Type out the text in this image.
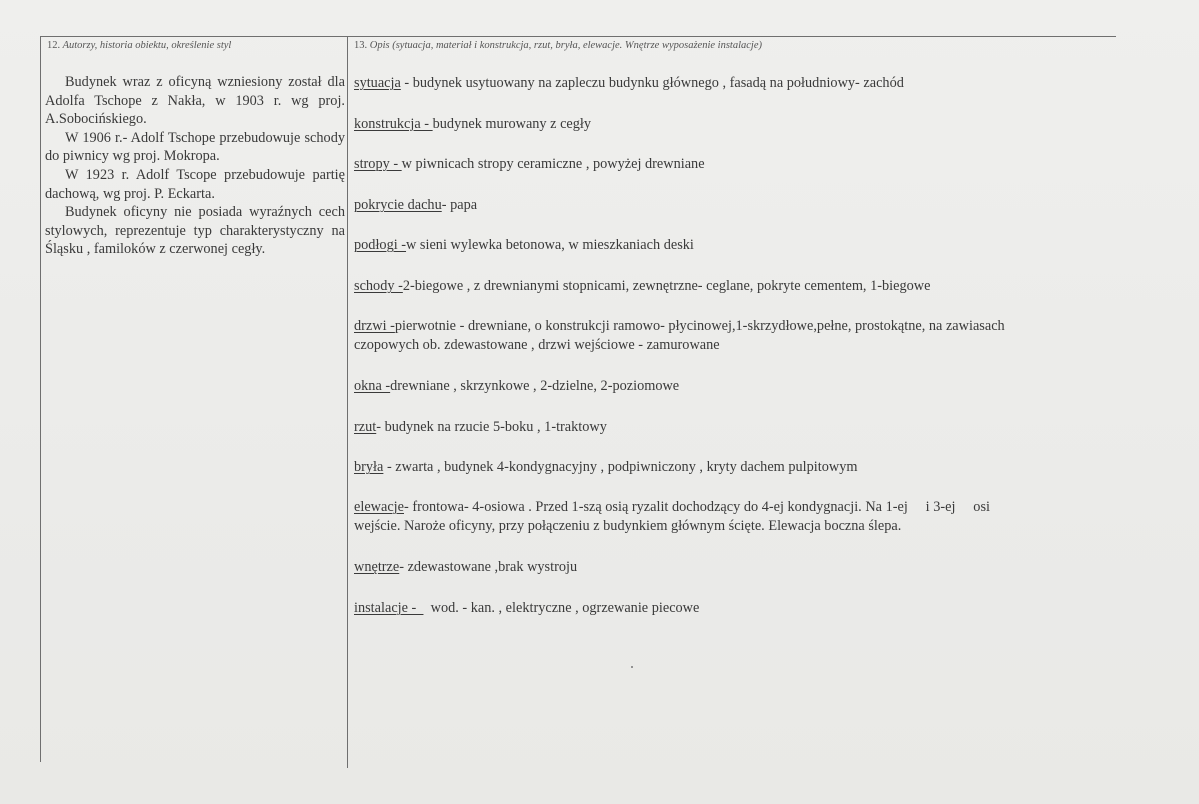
12. Autorzy, historia obiektu, określenie styl	13. Opis (sytuacja, materiał i konstrukcja, rzut, bryła, elewacje. Wnętrze wyposażenie instalacje)

Budynek wraz z oficyną wzniesiony został dla Adolfa Tschope z Nakła, w 1903 r. wg proj. A.Sobocińskiego.

W 1906 r.- Adolf Tschope przebudowuje schody do piwnicy wg proj. Mokropa.

W 1923 r. Adolf Tscope przebudowuje partię dachową, wg proj. P. Eckarta.

Budynek oficyny nie posiada wyraźnych cech stylowych, reprezentuje typ charakterystyczny na Śląsku , familoków z czerwonej cegły.

sytuacja - budynek usytuowany na zapleczu budynku głównego , fasadą na południowy- zachód
konstrukcja - budynek murowany z cegły
stropy - w piwnicach stropy ceramiczne , powyżej drewniane
pokrycie dachu- papa
podłogi -w sieni wylewka betonowa, w mieszkaniach deski
schody -2-biegowe , z drewnianymi stopnicami, zewnętrzne- ceglane, pokryte cementem, 1-biegowe
drzwi -pierwotnie - drewniane, o konstrukcji ramowo- płycinowej,1-skrzydłowe,pełne, prostokątne, na zawiasach
czopowych ob. zdewastowane , drzwi wejściowe - zamurowane
okna -drewniane , skrzynkowe , 2-dzielne, 2-poziomowe
rzut- budynek na rzucie 5-boku , 1-traktowy
bryła - zwarta , budynek 4-kondygnacyjny , podpiwniczony , kryty dachem pulpitowym
elewacje- frontowa- 4-osiowa . Przed 1-szą osią ryzalit dochodzący do 4-ej kondygnacji. Na 1-ej     i 3-ej     osi
wejście. Naroże oficyny, przy połączeniu z budynkiem głównym ścięte. Elewacja boczna ślepa.
wnętrze- zdewastowane ,brak wystroju
instalacje -    wod. - kan. , elektryczne , ogrzewanie piecowe
